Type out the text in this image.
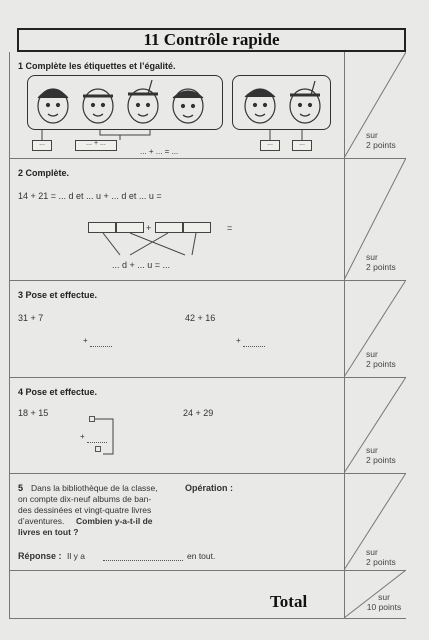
11 Contrôle rapide
1 Complète les étiquettes et l’égalité.
...	... + ...	...	...
... + ... = ...
sur
2 points
2 Complète.
14 + 21 = ... d et ... u + ... d et ... u =
+	=
... d + ... u = ...
sur
2 points
3 Pose et effectue.
31 + 7	42 + 16
+	+
sur
2 points
4 Pose et effectue.
18 + 15	24 + 29
+
sur
2 points
5 Dans la bibliothèque de la classe,
on compte dix-neuf albums de ban-
des dessinées et vingt-quatre livres
d’aventures. Combien y-a-t-il de
livres en tout ?
Opération :
Réponse : Il y a	en tout.	sur
2 points
Total	sur
10 points
